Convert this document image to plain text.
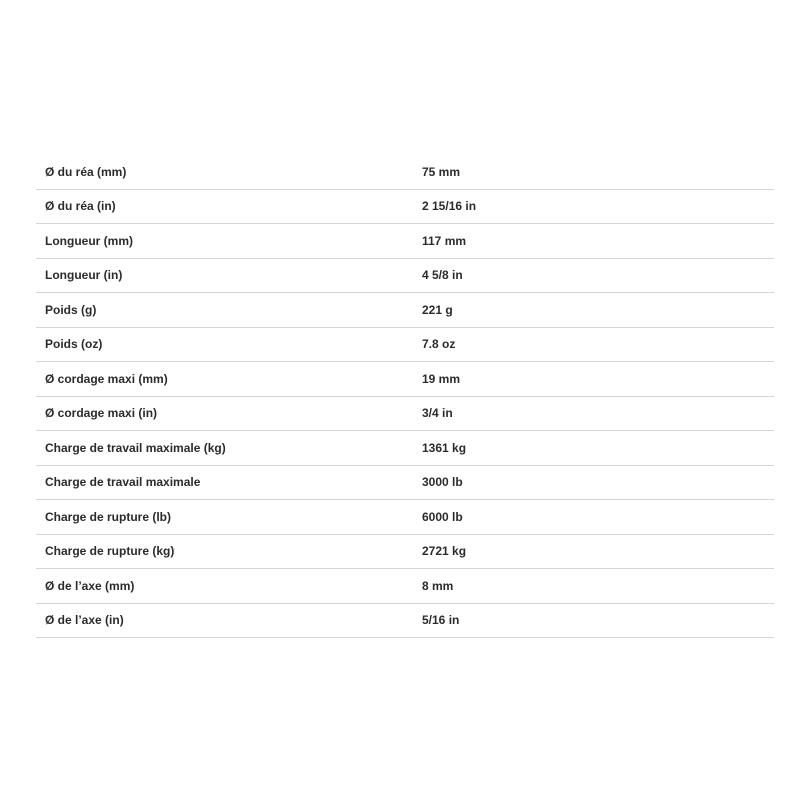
Ø du réa (mm)	75 mm
Ø du réa (in)	2 15/16 in
Longueur (mm)	117 mm
Longueur (in)	4 5/8 in
Poids (g)	221 g
Poids (oz)	7.8 oz
Ø cordage maxi (mm)	19 mm
Ø cordage maxi (in)	3/4 in
Charge de travail maximale (kg)	1361 kg
Charge de travail maximale	3000 lb
Charge de rupture (lb)	6000 lb
Charge de rupture (kg)	2721 kg
Ø de l’axe (mm)	8 mm
Ø de l’axe (in)	5/16 in
